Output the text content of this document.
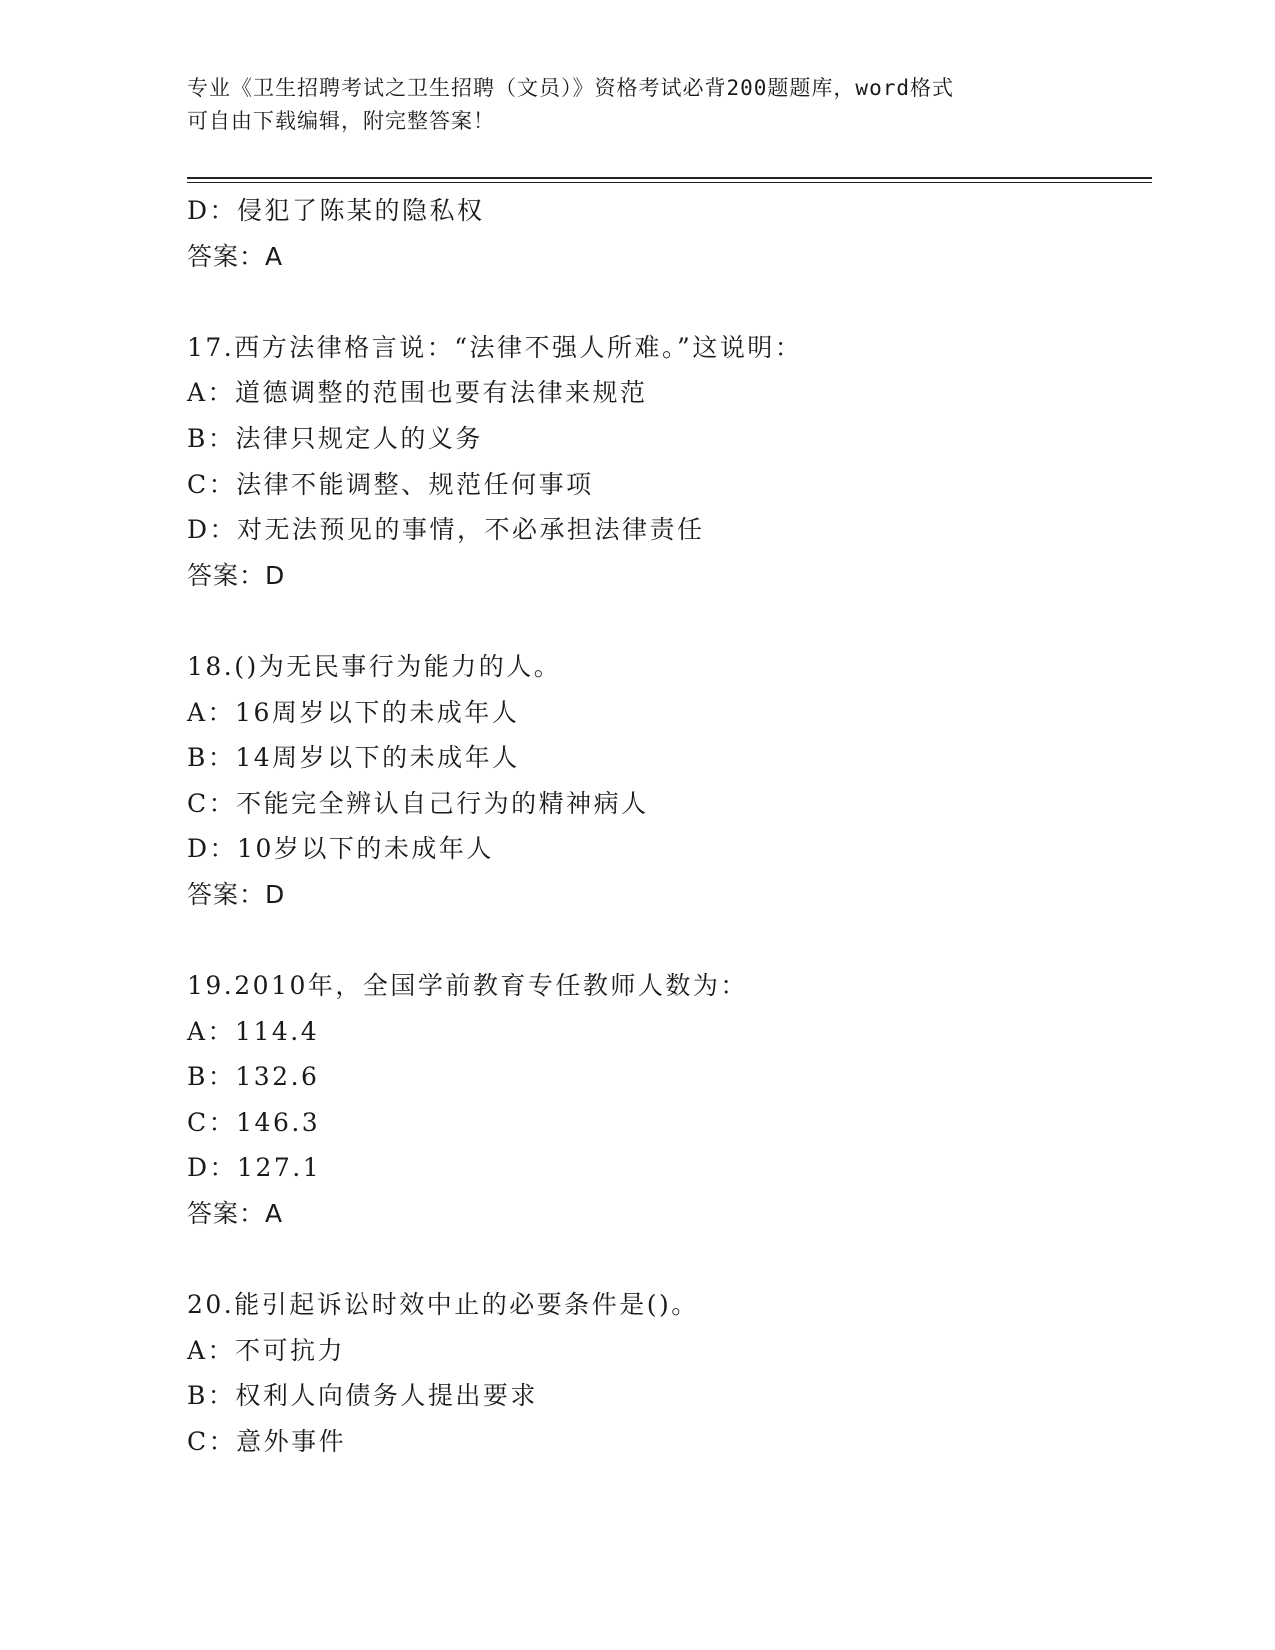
专业《卫生招聘考试之卫生招聘（文员）》资格考试必背200题题库，word格式
可自由下载编辑，附完整答案！
D：侵犯了陈某的隐私权
答案：A
17.西方法律格言说：“法律不强人所难。”这说明：
A：道德调整的范围也要有法律来规范
B：法律只规定人的义务
C：法律不能调整、规范任何事项
D：对无法预见的事情，不必承担法律责任
答案：D
18.()为无民事行为能力的人。
A：16周岁以下的未成年人
B：14周岁以下的未成年人
C：不能完全辨认自己行为的精神病人
D：10岁以下的未成年人
答案：D
19.2010年，全国学前教育专任教师人数为：
A：114.4
B：132.6
C：146.3
D：127.1
答案：A
20.能引起诉讼时效中止的必要条件是()。
A：不可抗力
B：权利人向债务人提出要求
C：意外事件
